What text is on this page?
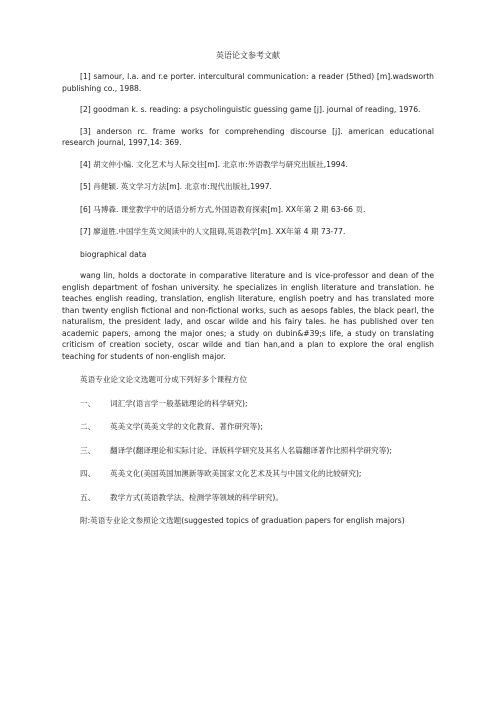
英语论文参考文献
[1] samour, l.a. and r.e porter. intercultural communication: a reader (5thed) [m].wadsworth publishing co., 1988.
[2] goodman k. s. reading: a psycholinguistic guessing game [j]. journal of reading, 1976.
[3] anderson rc. frame works for comprehending discourse [j]. american educational research journal, 1997,14: 369.
[4] 胡文仲小编. 文化艺术与人际交往[m]. 北京市:外语教学与研究出版社,1994.
[5] 肖健颖. 英文学习方法[m]. 北京市:现代出版社,1997.
[6] 马博森. 课堂教学中的话语分析方式,外国语教育探索[m]. XX年第 2 期 63-66 页.
[7] 廖道胜.中国学生英文阅读中的人文阻碍,英语教学[m]. XX年第 4 期 73-77.
biographical data
wang lin, holds a doctorate in comparative literature and is vice-professor and dean of the english department of foshan university. he specializes in english literature and translation. he teaches english reading, translation, english literature, english poetry and has translated more than twenty english fictional and non-fictional works, such as aesops fables, the black pearl, the naturalism, the president lady, and oscar wilde and his fairy tales. he has published over ten academic papers, among the major ones; a study on dubin&#39;s life, a study on translating criticism of creation society, oscar wilde and tian han,and a plan to explore the oral english teaching for students of non-english major.
英语专业论文论文选题可分成下列好多个课程方位
一、 词汇学(语言学一般基础理论的科学研究);
二、 英美文学(英美文学的文化教育、著作研究等);
三、 翻译学(翻译理论和实际讨论、译版科学研究及其名人名篇翻译著作比照科学研究等);
四、 英美文化(美国英国加澳新等欧美国家文化艺术及其与中国文化的比较研究);
五、 教学方式(英语教学法、检测学等领域的科学研究)。
附:英语专业论文参照论文选题(suggested topics of graduation papers for english majors)
